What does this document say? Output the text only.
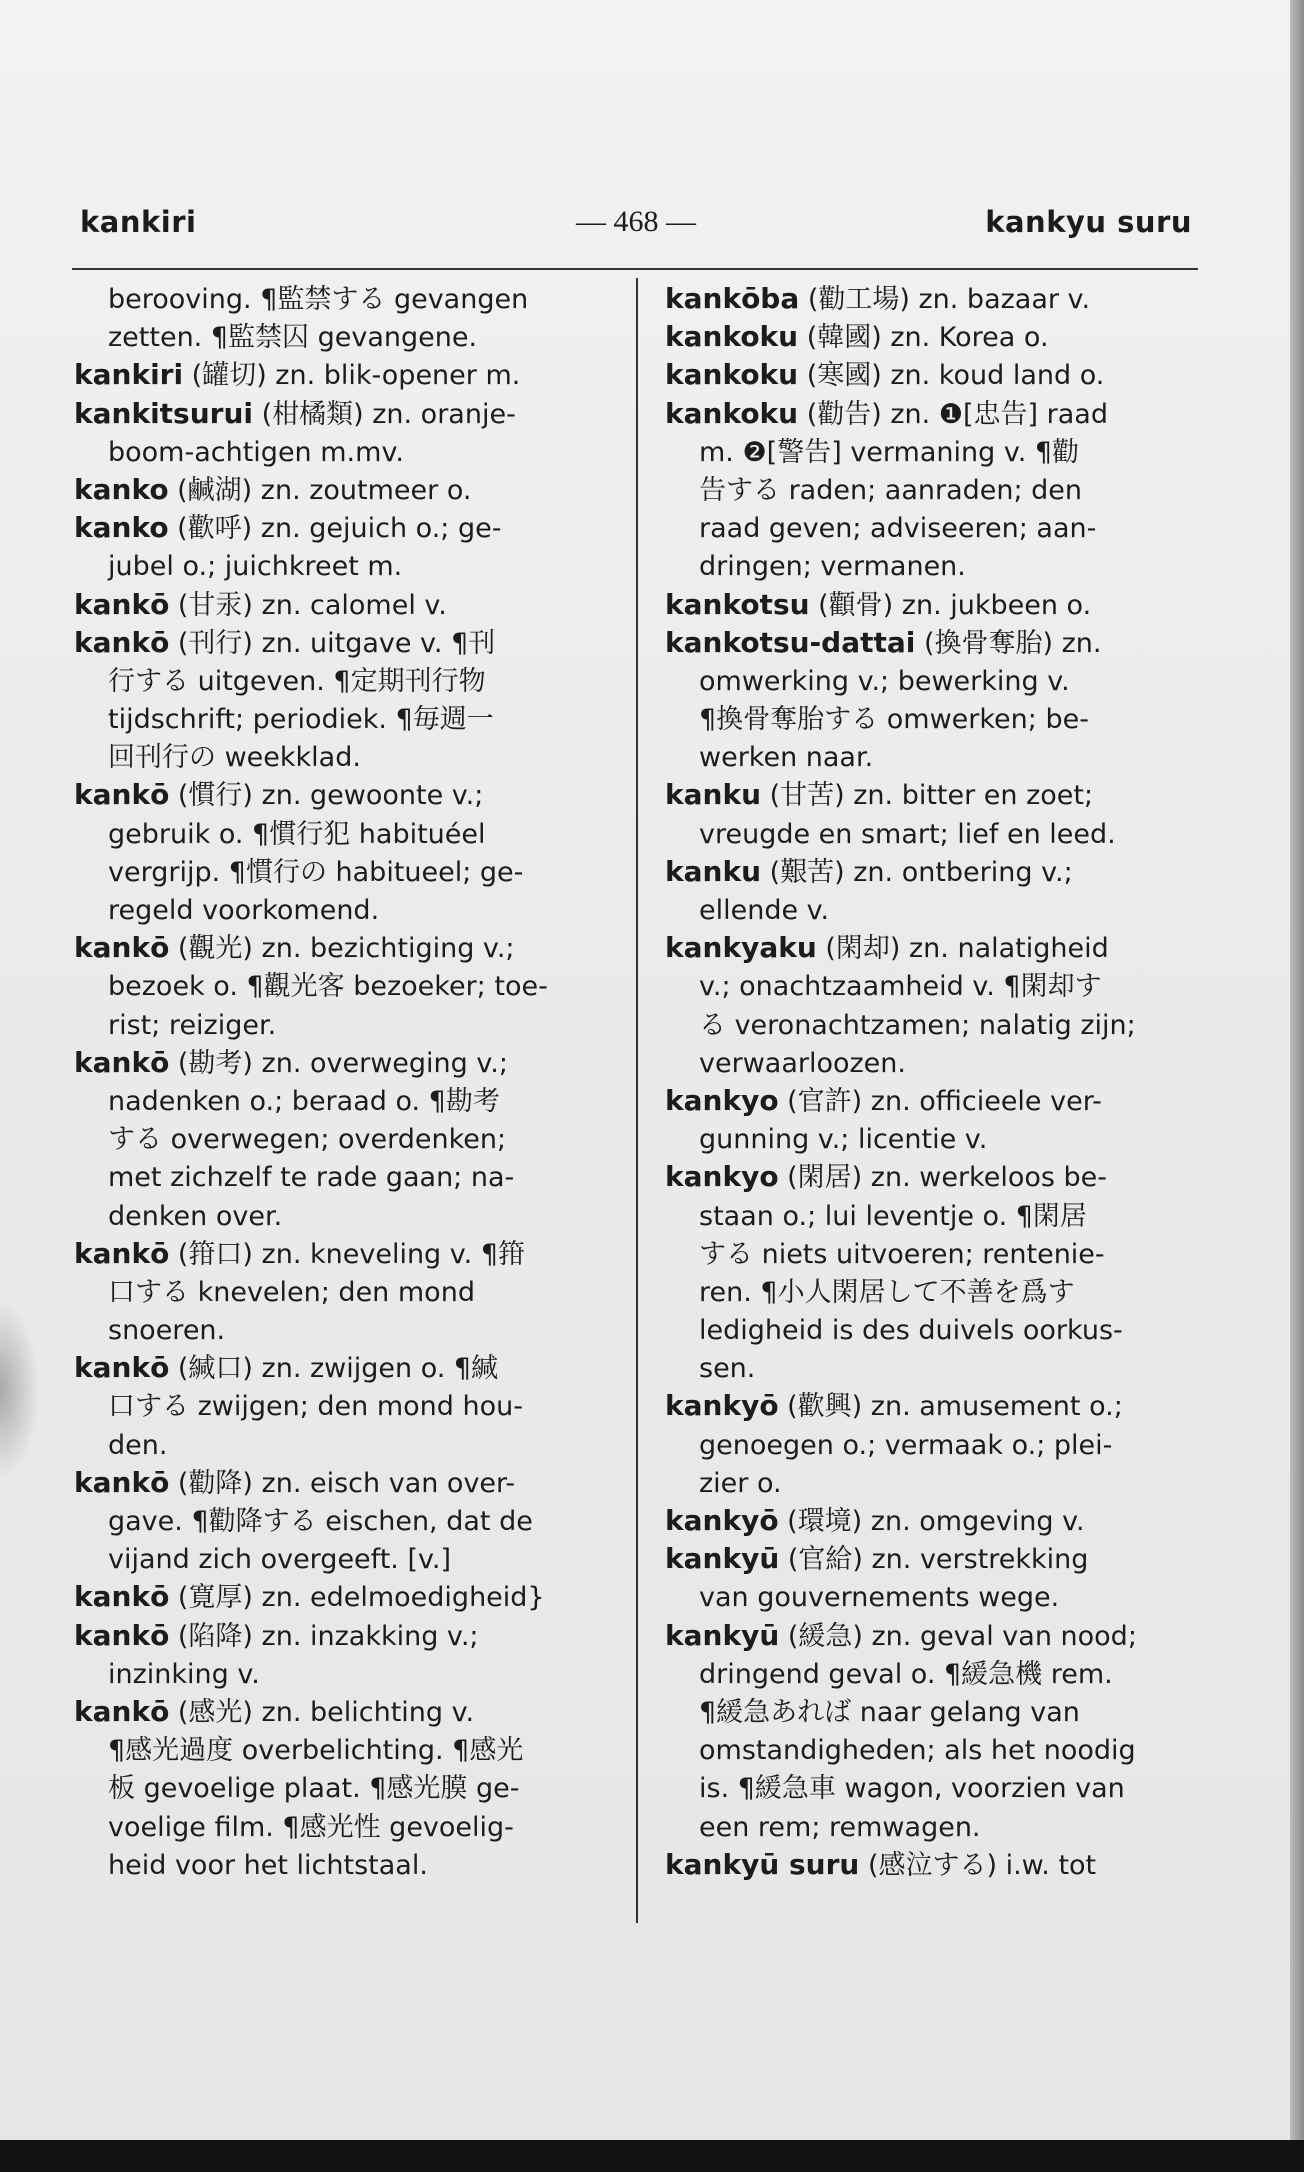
kankiri	— 468 —	kankyu suru
berooving. ¶監禁する gevangen
zetten. ¶監禁囚 gevangene.
kankiri (罐切) zn. blik-opener m.
kankitsurui (柑橘類) zn. oranje-
boom-achtigen m.mv.
kanko (鹹湖) zn. zoutmeer o.
kanko (歡呼) zn. gejuich o.; ge-
jubel o.; juichkreet m.
kankō (甘汞) zn. calomel v.
kankō (刊行) zn. uitgave v. ¶刊
行する uitgeven. ¶定期刊行物
tijdschrift; periodiek. ¶毎週一
回刊行の weekklad.
kankō (慣行) zn. gewoonte v.;
gebruik o. ¶慣行犯 habituéel
vergrijp. ¶慣行の habitueel; ge-
regeld voorkomend.
kankō (觀光) zn. bezichtiging v.;
bezoek o. ¶觀光客 bezoeker; toe-
rist; reiziger.
kankō (勘考) zn. overweging v.;
nadenken o.; beraad o. ¶勘考
する overwegen; overdenken;
met zichzelf te rade gaan; na-
denken over.
kankō (箝口) zn. kneveling v. ¶箝
口する knevelen; den mond
snoeren.
kankō (緘口) zn. zwijgen o. ¶緘
口する zwijgen; den mond hou-
den.
kankō (勸降) zn. eisch van over-
gave. ¶勸降する eischen, dat de
vijand zich overgeeft. [v.]
kankō (寛厚) zn. edelmoedigheid}
kankō (陷降) zn. inzakking v.;
inzinking v.
kankō (感光) zn. belichting v.
¶感光過度 overbelichting. ¶感光
板 gevoelige plaat. ¶感光膜 ge-
voelige film. ¶感光性 gevoelig-
heid voor het lichtstaal.
kankōba (勸工場) zn. bazaar v.
kankoku (韓國) zn. Korea o.
kankoku (寒國) zn. koud land o.
kankoku (勸告) zn. ❶[忠告] raad
m. ❷[警告] vermaning v. ¶勸
告する raden; aanraden; den
raad geven; adviseeren; aan-
dringen; vermanen.
kankotsu (顴骨) zn. jukbeen o.
kankotsu-dattai (換骨奪胎) zn.
omwerking v.; bewerking v.
¶換骨奪胎する omwerken; be-
werken naar.
kanku (甘苦) zn. bitter en zoet;
vreugde en smart; lief en leed.
kanku (艱苦) zn. ontbering v.;
ellende v.
kankyaku (閑却) zn. nalatigheid
v.; onachtzaamheid v. ¶閑却す
る veronachtzamen; nalatig zijn;
verwaarloozen.
kankyo (官許) zn. officieele ver-
gunning v.; licentie v.
kankyo (閑居) zn. werkeloos be-
staan o.; lui leventje o. ¶閑居
する niets uitvoeren; rentenie-
ren. ¶小人閑居して不善を爲す
ledigheid is des duivels oorkus-
sen.
kankyō (歡興) zn. amusement o.;
genoegen o.; vermaak o.; plei-
zier o.
kankyō (環境) zn. omgeving v.
kankyū (官給) zn. verstrekking
van gouvernements wege.
kankyū (緩急) zn. geval van nood;
dringend geval o. ¶緩急機 rem.
¶緩急あれば naar gelang van
omstandigheden; als het noodig
is. ¶緩急車 wagon, voorzien van
een rem; remwagen.
kankyū suru (感泣する) i.w. tot
